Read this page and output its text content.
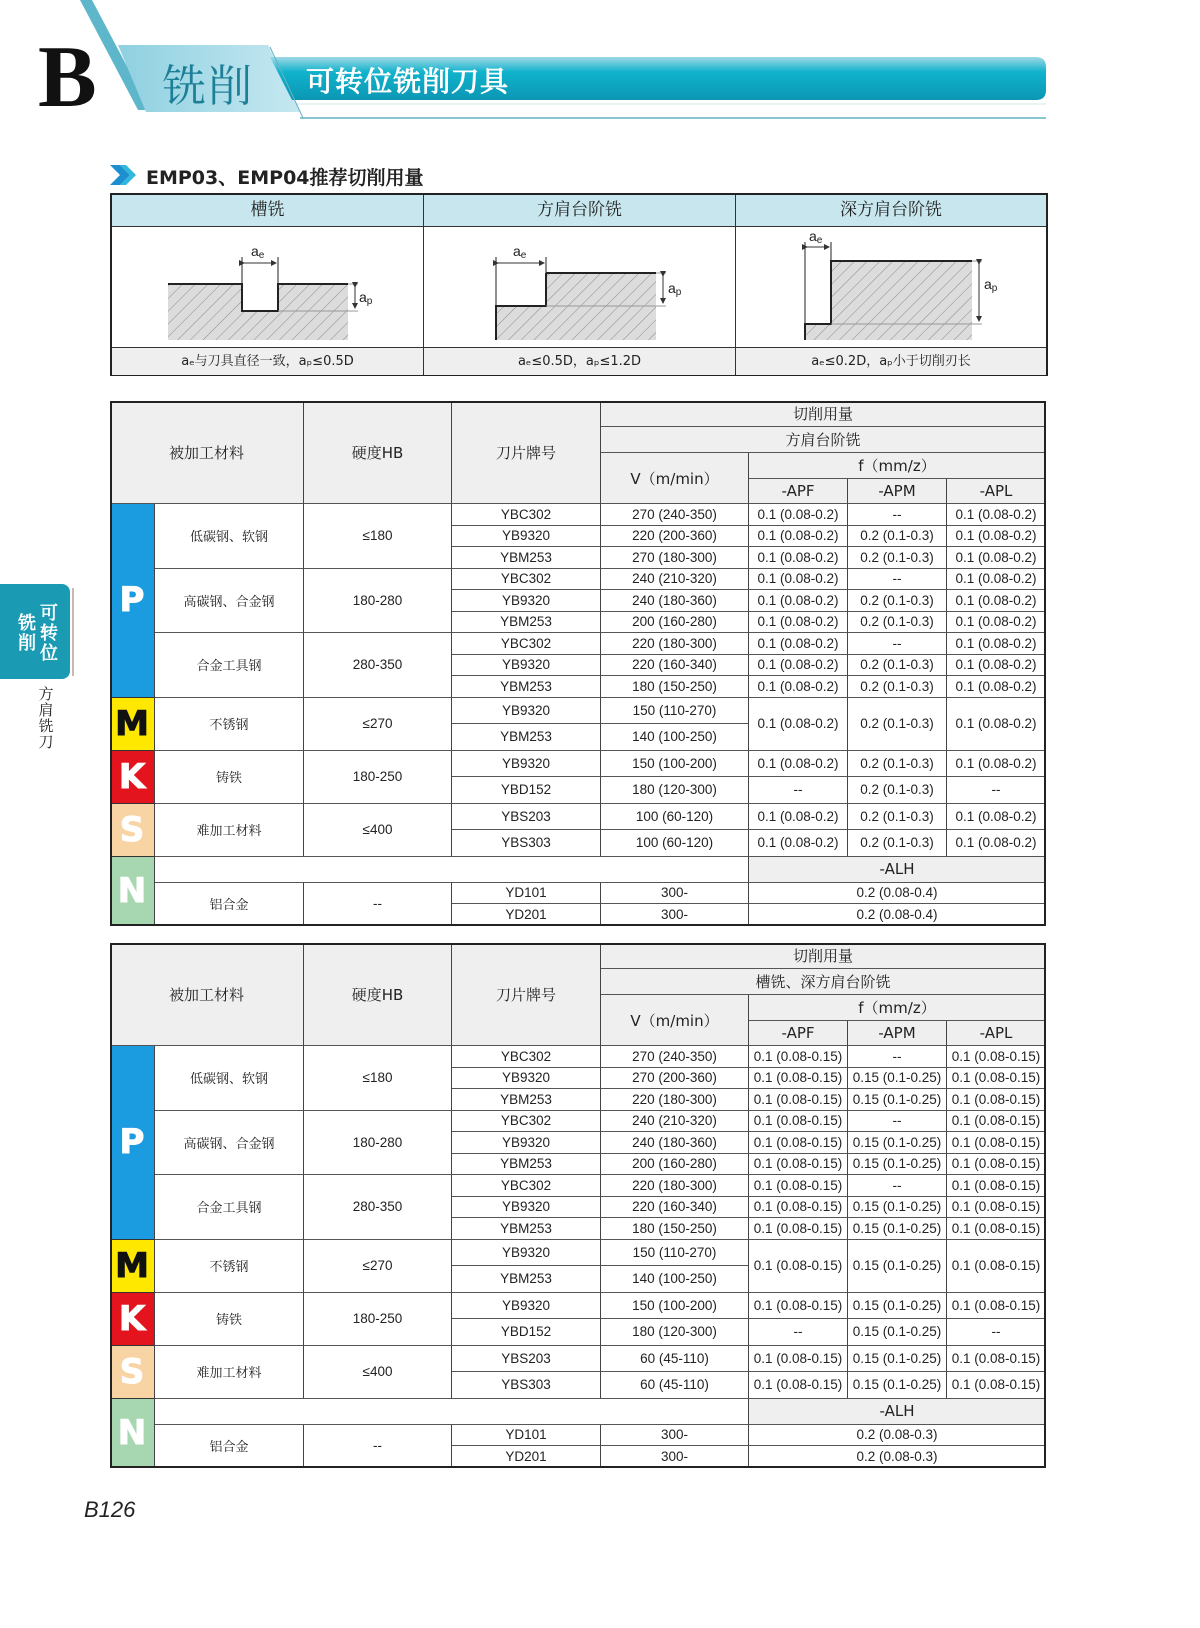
B 铣削 可转位铣削刀具
可转位
铣削
方肩铣刀
EMP03、EMP04推荐切削用量
槽铣	方肩台阶铣	深方肩台阶铣
ae
ap
ae
ap
ae
ap
aₑ与刀具直径一致，aₚ≤0.5D	aₑ≤0.5D，aₚ≤1.2D	aₑ≤0.2D，aₚ小于切削刃长
被加工材料	硬度HB	刀片牌号
切削用量
方肩台阶铣
V（m/min）
f（mm/z）
-APF	-APM	-APL
YBC302	270 (240-350)	0.1 (0.08-0.2)	--	0.1 (0.08-0.2)
YB9320	220 (200-360)	0.1 (0.08-0.2)	0.2 (0.1-0.3)	0.1 (0.08-0.2)
YBM253	270 (180-300)	0.1 (0.08-0.2)	0.2 (0.1-0.3)	0.1 (0.08-0.2)
低碳钢、软钢	≤180
YBC302	240 (210-320)	0.1 (0.08-0.2)	--	0.1 (0.08-0.2)
YB9320	240 (180-360)	0.1 (0.08-0.2)	0.2 (0.1-0.3)	0.1 (0.08-0.2)
YBM253	200 (160-280)	0.1 (0.08-0.2)	0.2 (0.1-0.3)	0.1 (0.08-0.2)
高碳钢、合金钢	180-280
YBC302	220 (180-300)	0.1 (0.08-0.2)	--	0.1 (0.08-0.2)
YB9320	220 (160-340)	0.1 (0.08-0.2)	0.2 (0.1-0.3)	0.1 (0.08-0.2)
YBM253	180 (150-250)	0.1 (0.08-0.2)	0.2 (0.1-0.3)	0.1 (0.08-0.2)
合金工具钢	280-350
P
YB9320	150 (110-270)
YBM253	140 (100-250)
不锈钢	≤270	0.1 (0.08-0.2)	0.2 (0.1-0.3)	0.1 (0.08-0.2)
M
YB9320	150 (100-200)	0.1 (0.08-0.2)	0.2 (0.1-0.3)	0.1 (0.08-0.2)
YBD152	180 (120-300)	--	0.2 (0.1-0.3)	--
铸铁	180-250
K
YBS203	100 (60-120)	0.1 (0.08-0.2)	0.2 (0.1-0.3)	0.1 (0.08-0.2)
YBS303	100 (60-120)	0.1 (0.08-0.2)	0.2 (0.1-0.3)	0.1 (0.08-0.2)
难加工材料	≤400
S
-ALH
YD101	300-	0.2 (0.08-0.4)
YD201	300-	0.2 (0.08-0.4)
铝合金	--
N
被加工材料	硬度HB	刀片牌号
切削用量
槽铣、深方肩台阶铣
V（m/min）
f（mm/z）
-APF	-APM	-APL
YBC302	270 (240-350)	0.1 (0.08-0.15)	--	0.1 (0.08-0.15)
YB9320	270 (200-360)	0.1 (0.08-0.15) 0.15 (0.1-0.25) 0.1 (0.08-0.15)
YBM253	220 (180-300)	0.1 (0.08-0.15) 0.15 (0.1-0.25) 0.1 (0.08-0.15)
低碳钢、软钢	≤180
YBC302	240 (210-320)	0.1 (0.08-0.15)	--	0.1 (0.08-0.15)
YB9320	240 (180-360)	0.1 (0.08-0.15) 0.15 (0.1-0.25) 0.1 (0.08-0.15)
YBM253	200 (160-280)	0.1 (0.08-0.15) 0.15 (0.1-0.25) 0.1 (0.08-0.15)
高碳钢、合金钢	180-280
YBC302	220 (180-300)	0.1 (0.08-0.15)	--	0.1 (0.08-0.15)
YB9320	220 (160-340)	0.1 (0.08-0.15) 0.15 (0.1-0.25) 0.1 (0.08-0.15)
YBM253	180 (150-250)	0.1 (0.08-0.15) 0.15 (0.1-0.25) 0.1 (0.08-0.15)
合金工具钢	280-350
P
YB9320	150 (110-270)
YBM253	140 (100-250)
不锈钢	≤270	0.1 (0.08-0.15) 0.15 (0.1-0.25) 0.1 (0.08-0.15)
M
YB9320	150 (100-200)	0.1 (0.08-0.15) 0.15 (0.1-0.25) 0.1 (0.08-0.15)
YBD152	180 (120-300)	--	0.15 (0.1-0.25)	--
铸铁	180-250
K
YBS203	60 (45-110)	0.1 (0.08-0.15) 0.15 (0.1-0.25) 0.1 (0.08-0.15)
YBS303	60 (45-110)	0.1 (0.08-0.15) 0.15 (0.1-0.25) 0.1 (0.08-0.15)
难加工材料	≤400
S
-ALH
YD101	300-	0.2 (0.08-0.3)
YD201	300-	0.2 (0.08-0.3)
铝合金	--
N
B126
